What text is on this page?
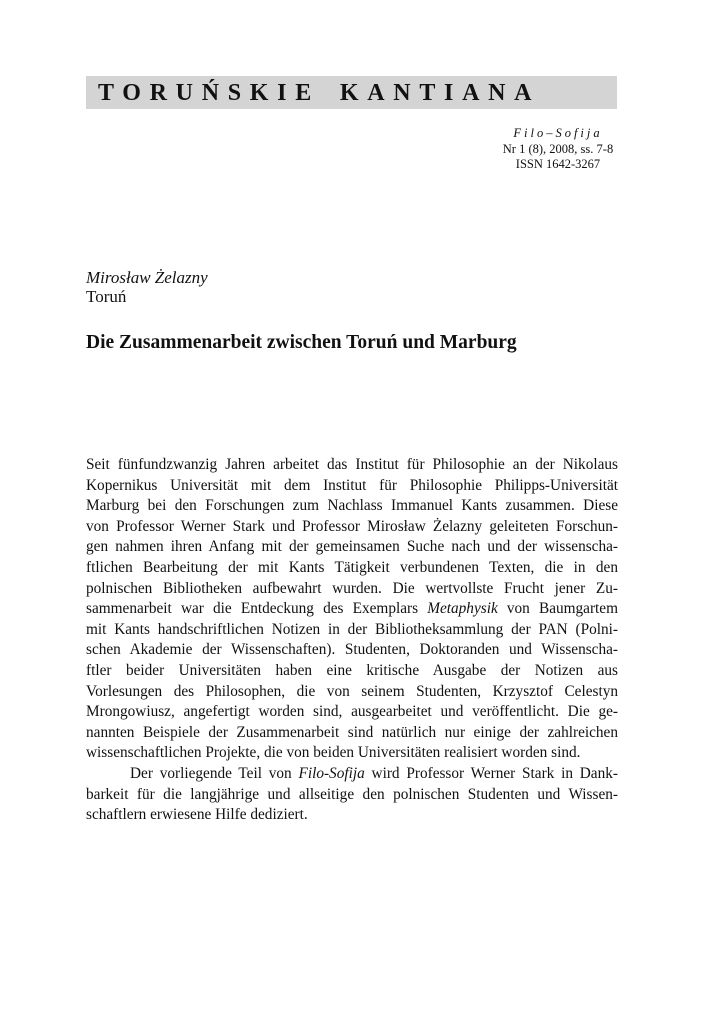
TORUŃSKIE KANTIANA
Filo–Sofija
Nr 1 (8), 2008, ss. 7-8
ISSN 1642-3267
Mirosław Żelazny
Toruń
Die Zusammenarbeit zwischen Toruń und Marburg
Seit fünfundzwanzig Jahren arbeitet das Institut für Philosophie an der Nikolaus
Kopernikus Universität mit dem Institut für Philosophie Philipps-Universität
Marburg bei den Forschungen zum Nachlass Immanuel Kants zusammen. Diese
von Professor Werner Stark und Professor Mirosław Żelazny geleiteten Forschun-
gen nahmen ihren Anfang mit der gemeinsamen Suche nach und der wissenscha-
ftlichen Bearbeitung der mit Kants Tätigkeit verbundenen Texten, die in den
polnischen Bibliotheken aufbewahrt wurden. Die wertvollste Frucht jener Zu-
sammenarbeit war die Entdeckung des Exemplars Metaphysik von Baumgartem
mit Kants handschriftlichen Notizen in der Bibliotheksammlung der PAN (Polni-
schen Akademie der Wissenschaften). Studenten, Doktoranden und Wissenscha-
ftler beider Universitäten haben eine kritische Ausgabe der Notizen aus
Vorlesungen des Philosophen, die von seinem Studenten, Krzysztof Celestyn
Mrongowiusz, angefertigt worden sind, ausgearbeitet und veröffentlicht. Die ge-
nannten Beispiele der Zusammenarbeit sind natürlich nur einige der zahlreichen
wissenschaftlichen Projekte, die von beiden Universitäten realisiert worden sind.
Der vorliegende Teil von Filo-Sofija wird Professor Werner Stark in Dank-
barkeit für die langjährige und allseitige den polnischen Studenten und Wissen-
schaftlern erwiesene Hilfe dediziert.
